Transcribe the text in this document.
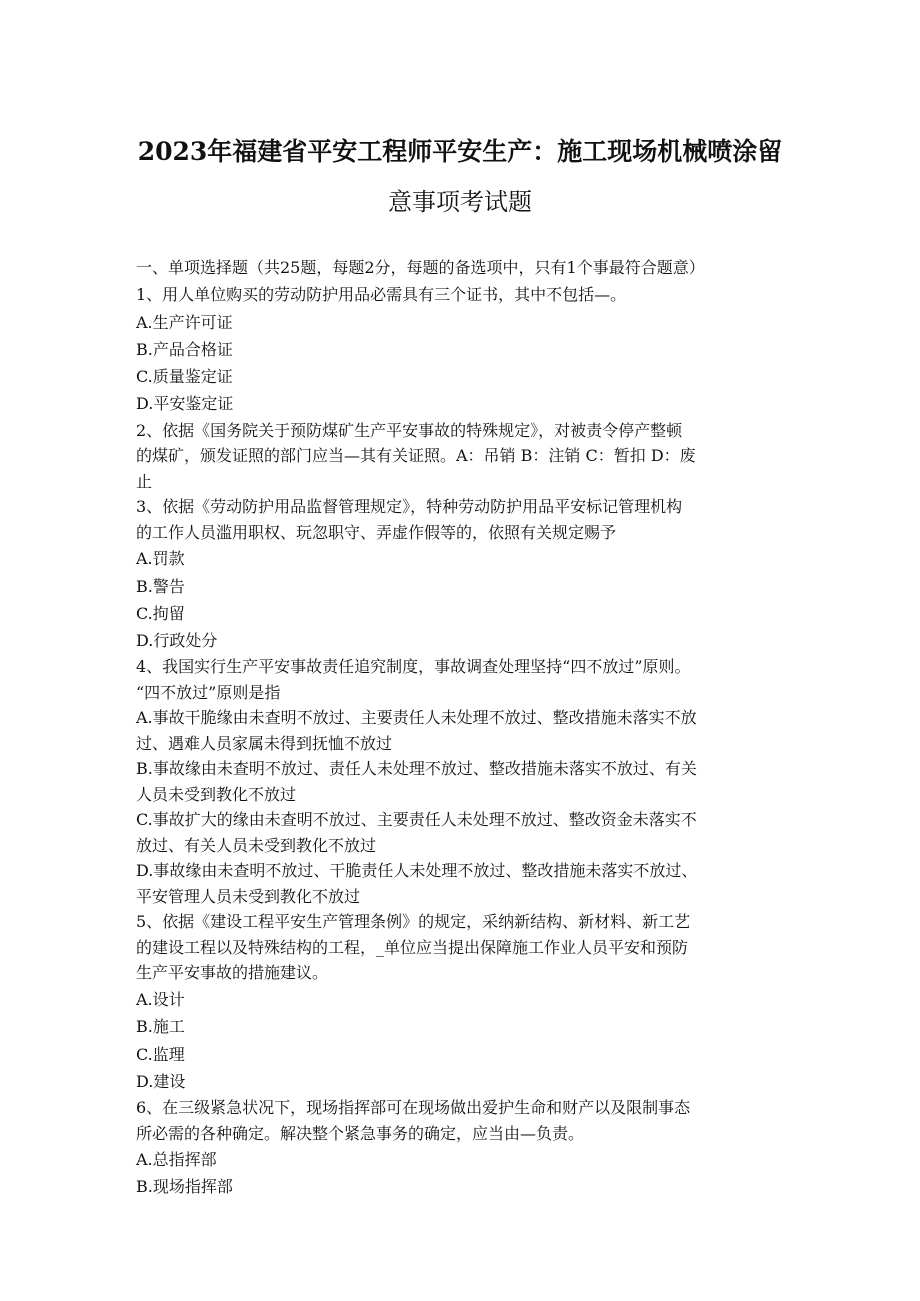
2023年福建省平安工程师平安生产：施工现场机械喷涂留
意事项考试题
一、单项选择题（共25题，每题2分，每题的备选项中，只有1个事最符合题意）
1、用人单位购买的劳动防护用品必需具有三个证书，其中不包括—。
A.生产许可证
B.产品合格证
C.质量鉴定证
D.平安鉴定证
2、依据《国务院关于预防煤矿生产平安事故的特殊规定》，对被责令停产整顿
的煤矿，颁发证照的部门应当—其有关证照。A：吊销 B：注销 C：暂扣 D：废
止
3、依据《劳动防护用品监督管理规定》，特种劳动防护用品平安标记管理机构
的工作人员滥用职权、玩忽职守、弄虚作假等的，依照有关规定赐予
A.罚款
B.警告
C.拘留
D.行政处分
4、我国实行生产平安事故责任追究制度，事故调查处理坚持“四不放过”原则。
“四不放过”原则是指
A.事故干脆缘由未查明不放过、主要责任人未处理不放过、整改措施未落实不放
过、遇难人员家属未得到抚恤不放过
B.事故缘由未查明不放过、责任人未处理不放过、整改措施未落实不放过、有关
人员未受到教化不放过
C.事故扩大的缘由未查明不放过、主要责任人未处理不放过、整改资金未落实不
放过、有关人员未受到教化不放过
D.事故缘由未查明不放过、干脆责任人未处理不放过、整改措施未落实不放过、
平安管理人员未受到教化不放过
5、依据《建设工程平安生产管理条例》的规定，采纳新结构、新材料、新工艺
的建设工程以及特殊结构的工程，_单位应当提出保障施工作业人员平安和预防
生产平安事故的措施建议。
A.设计
B.施工
C.监理
D.建设
6、在三级紧急状况下，现场指挥部可在现场做出爱护生命和财产以及限制事态
所必需的各种确定。解决整个紧急事务的确定，应当由—负责。
A.总指挥部
B.现场指挥部
